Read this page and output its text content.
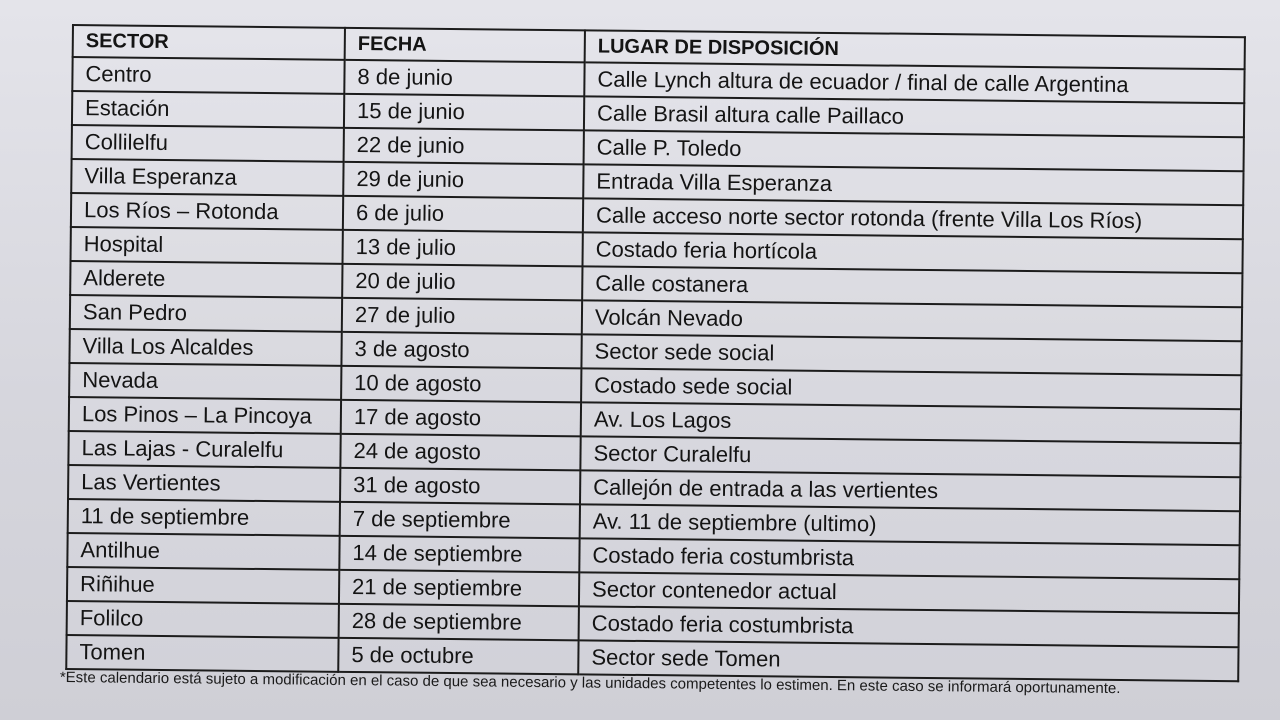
SECTOR	FECHA	LUGAR DE DISPOSICIÓN
Centro	8 de junio	Calle Lynch altura de ecuador / final de calle Argentina
Estación	15 de junio	Calle Brasil altura calle Paillaco
Collilelfu	22 de junio	Calle P. Toledo
Villa Esperanza	29 de junio	Entrada Villa Esperanza
Los Ríos – Rotonda	6 de julio	Calle acceso norte sector rotonda (frente Villa Los Ríos)
Hospital	13 de julio	Costado feria hortícola
Alderete	20 de julio	Calle costanera
San Pedro	27 de julio	Volcán Nevado
Villa Los Alcaldes	3 de agosto	Sector sede social
Nevada	10 de agosto	Costado sede social
Los Pinos – La Pincoya	17 de agosto	Av. Los Lagos
Las Lajas - Curalelfu	24 de agosto	Sector Curalelfu
Las Vertientes	31 de agosto	Callejón de entrada a las vertientes
11 de septiembre	7 de septiembre	Av. 11 de septiembre (ultimo)
Antilhue	14 de septiembre	Costado feria costumbrista
Riñihue	21 de septiembre	Sector contenedor actual
Folilco	28 de septiembre	Costado feria costumbrista
Tomen	5 de octubre	Sector sede Tomen
*Este calendario está sujeto a modificación en el caso de que sea necesario y las unidades competentes lo estimen. En este caso se informará oportunamente.
